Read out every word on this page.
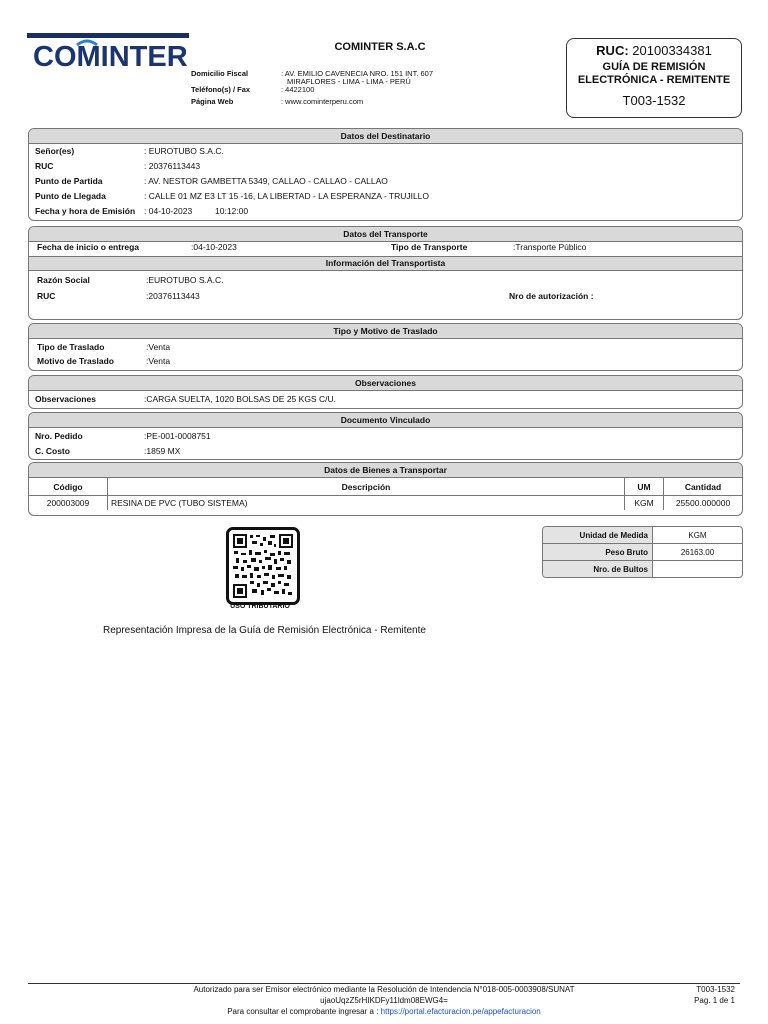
COMINTER	COMINTER S.A.C
Domicilio Fiscal	: AV. EMILIO CAVENECIA NRO. 151 INT. 607
MIRAFLORES - LIMA - LIMA - PERÚ
Teléfono(s) / Fax	: 4422100
Página Web	: www.cominterperu.com
RUC: 20100334381
GUÍA DE REMISIÓN
ELECTRÓNICA - REMITENTE
T003-1532
Datos del Destinatario
Señor(es)	: EUROTUBO S.A.C.
RUC	: 20376113443
Punto de Partida	: AV. NESTOR GAMBETTA 5349, CALLAO - CALLAO - CALLAO
Punto de Llegada	: CALLE 01 MZ E3 LT 15 -16, LA LIBERTAD - LA ESPERANZA - TRUJILLO
Fecha y hora de Emisión : 04-10-2023	10:12:00
Datos del Transporte
Fecha de inicio o entrega	:04-10-2023	Tipo de Transporte	:Transporte Público
Información del Transportista
Razón Social	:EUROTUBO S.A.C.
RUC	:20376113443	Nro de autorización :
Tipo y Motivo de Traslado
Tipo de Traslado	:Venta
Motivo de Traslado	:Venta
Observaciones
Observaciones	:CARGA SUELTA, 1020 BOLSAS DE 25 KGS C/U.
Documento Vinculado
Nro. Pedido	:PE-001-0008751
C. Costo	:1859 MX
Datos de Bienes a Transportar
Código	Descripción	UM	Cantidad
200003009	RESINA DE PVC (TUBO SISTEMA)	KGM	25500.000000
Unidad de Medida	KGM
Peso Bruto	26163.00
Nro. de Bultos	
USO TRIBUTARIO
Representación Impresa de la Guía de Remisión Electrónica - Remitente
Autorizado para ser Emisor electrónico mediante la Resolución de Intendencia N°018-005-0003908/SUNAT
ujaoUqzZ5rHIKDFy11ldm08EWG4=
Para consultar el comprobante ingresar a : https://portal.efacturacion.pe/appefacturacion
T003-1532
Pag. 1 de 1
